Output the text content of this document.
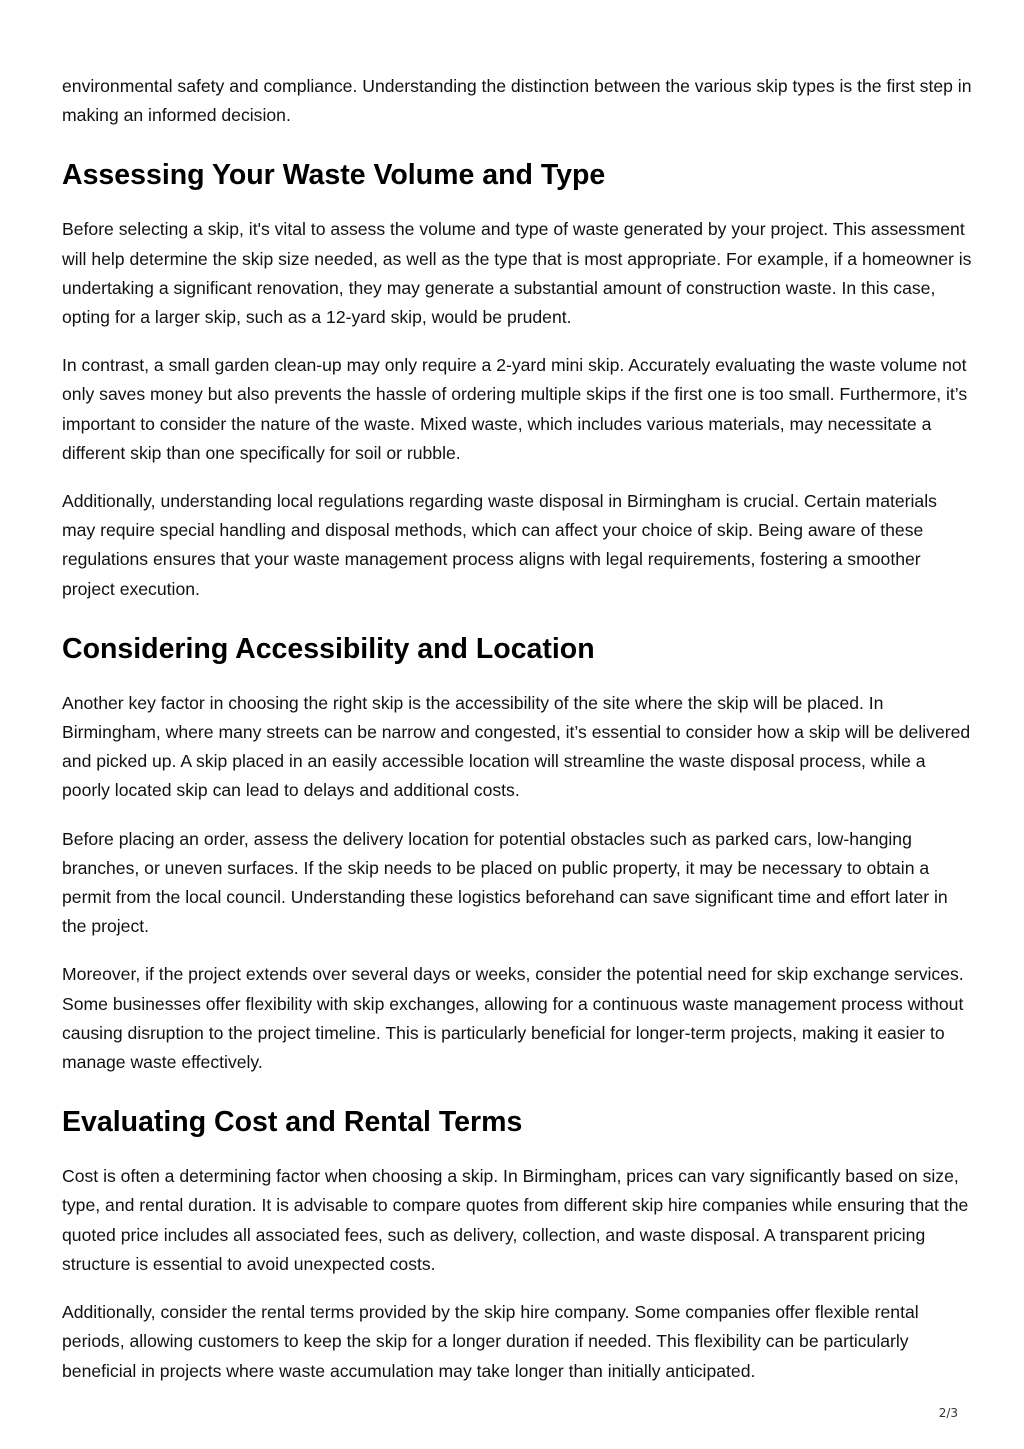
environmental safety and compliance. Understanding the distinction between the various skip types is the first step in making an informed decision.

Assessing Your Waste Volume and Type

Before selecting a skip, it's vital to assess the volume and type of waste generated by your project. This assessment will help determine the skip size needed, as well as the type that is most appropriate. For example, if a homeowner is undertaking a significant renovation, they may generate a substantial amount of construction waste. In this case, opting for a larger skip, such as a 12-yard skip, would be prudent.

In contrast, a small garden clean-up may only require a 2-yard mini skip. Accurately evaluating the waste volume not only saves money but also prevents the hassle of ordering multiple skips if the first one is too small. Furthermore, it’s important to consider the nature of the waste. Mixed waste, which includes various materials, may necessitate a different skip than one specifically for soil or rubble.

Additionally, understanding local regulations regarding waste disposal in Birmingham is crucial. Certain materials may require special handling and disposal methods, which can affect your choice of skip. Being aware of these regulations ensures that your waste management process aligns with legal requirements, fostering a smoother project execution.

Considering Accessibility and Location

Another key factor in choosing the right skip is the accessibility of the site where the skip will be placed. In Birmingham, where many streets can be narrow and congested, it’s essential to consider how a skip will be delivered and picked up. A skip placed in an easily accessible location will streamline the waste disposal process, while a poorly located skip can lead to delays and additional costs.

Before placing an order, assess the delivery location for potential obstacles such as parked cars, low-hanging branches, or uneven surfaces. If the skip needs to be placed on public property, it may be necessary to obtain a permit from the local council. Understanding these logistics beforehand can save significant time and effort later in the project.

Moreover, if the project extends over several days or weeks, consider the potential need for skip exchange services. Some businesses offer flexibility with skip exchanges, allowing for a continuous waste management process without causing disruption to the project timeline. This is particularly beneficial for longer-term projects, making it easier to manage waste effectively.

Evaluating Cost and Rental Terms

Cost is often a determining factor when choosing a skip. In Birmingham, prices can vary significantly based on size, type, and rental duration. It is advisable to compare quotes from different skip hire companies while ensuring that the quoted price includes all associated fees, such as delivery, collection, and waste disposal. A transparent pricing structure is essential to avoid unexpected costs.

Additionally, consider the rental terms provided by the skip hire company. Some companies offer flexible rental periods, allowing customers to keep the skip for a longer duration if needed. This flexibility can be particularly beneficial in projects where waste accumulation may take longer than initially anticipated.

2/3
